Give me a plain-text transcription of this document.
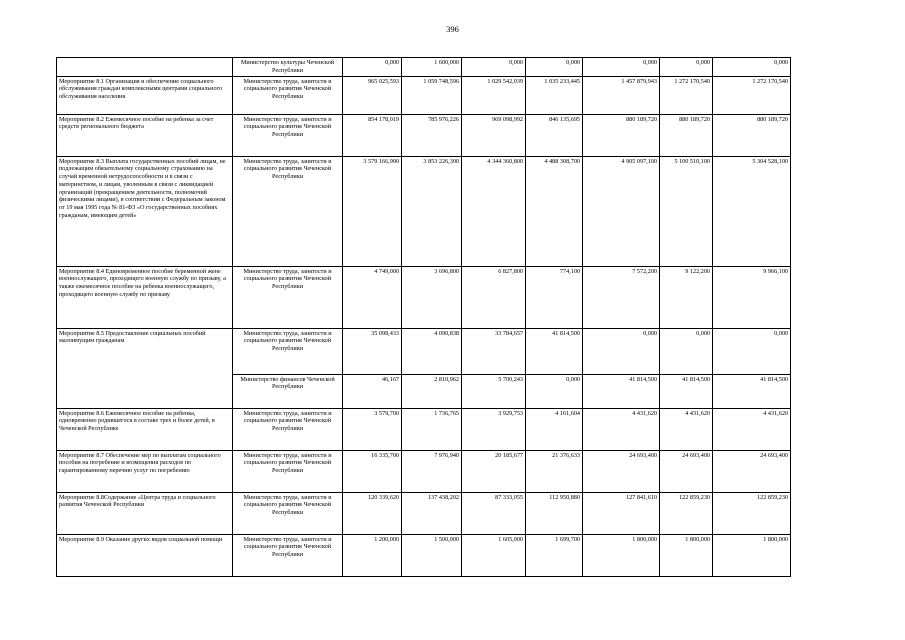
396
	Министерство культуры Чеченской Республики	0,000	1 600,000	0,000	0,000	0,000	0,000	0,000
Мероприятие 8.1 Организация и обеспечение социального обслуживания граждан комплексными центрами социального обслуживания населения	Министерство труда, занятости и социального развития Чеченской Республики	965 025,593	1 059 748,596	1 029 542,039	1 035 233,445	1 457 879,943	1 272 170,540	1 272 170,540
Мероприятие 8.2 Ежемесячное пособие на ребенка за счет средств регионального бюджета	Министерство труда, занятости и социального развития Чеченской Республики	854 178,019	785 976,226	969 098,992	846 135,695	880 189,720	880 189,720	880 189,720
Мероприятие 8.3 Выплата государственных пособий лицам, не подлежащим обязательному социальному страхованию на случай временной нетрудоспособности и в связи с материнством, и лицам, уволенным в связи с ликвидацией организаций (прекращением деятельности, полномочий физическими лицами), в соответствии с Федеральным законом от 19 мая 1995 года № 81-ФЗ «О государственных пособиях гражданам, имеющим детей»	Министерство труда, занятости и социального развития Чеченской Республики	3 579 166,900	3 853 226,300	4 344 360,800	4 488 308,700	4 905 097,100	5 100 510,100	5 304 528,100
Мероприятие 8.4 Единовременное пособие беременной жене военнослужащего, проходящего военную службу по призыву, а также ежемесячное пособие на ребенка военнослужащего, проходящего военную службу по призыву	Министерство труда, занятости и социального развития Чеченской Республики	4 749,000	3 696,800	6 827,800	774,100	7 572,200	9 122,200	9 966,100
Мероприятие 8.5 Предоставление социальных пособий малоимущим гражданам	Министерство труда, занятости и социального развития Чеченской Республики	35 098,433	4 090,838	33 784,657	41 814,500	0,000	0,000	0,000
	Министерство финансов Чеченской Республики	46,167	2 810,962	5 700,243	0,000	41 814,500	41 814,500	41 814,500
Мероприятие 8.6 Ежемесячное пособие на ребенка, одновременно родившегося в составе трех и более детей, в Чеченской Республике	Министерство труда, занятости и социального развития Чеченской Республики	3 579,700	1 736,765	3 929,753	4 161,604	4 431,620	4 431,620	4 431,620
Мероприятие 8.7 Обеспечение мер по выплатам социального пособия на погребение и возмещения расходов по гарантированному перечню услуг по погребению	Министерство труда, занятости и социального развития Чеченской Республики	16 335,700	7 976,940	20 185,677	21 376,633	24 693,400	24 693,400	24 693,400
Мероприятие 8.8Содержание «Центра труда и социального развития Чеченской Республики	Министерство труда, занятости и социального развития Чеченской Республики	120 339,620	137 438,202	87 333,055	112 950,880	127 841,610	122 859,230	122 859,230
Мероприятие 8.9 Оказание других видов социальной помощи	Министерство труда, занятости и социального развития Чеченской Республики	1 200,000	1 500,000	1 605,000	1 699,700	1 800,000	1 800,000	1 800,000
